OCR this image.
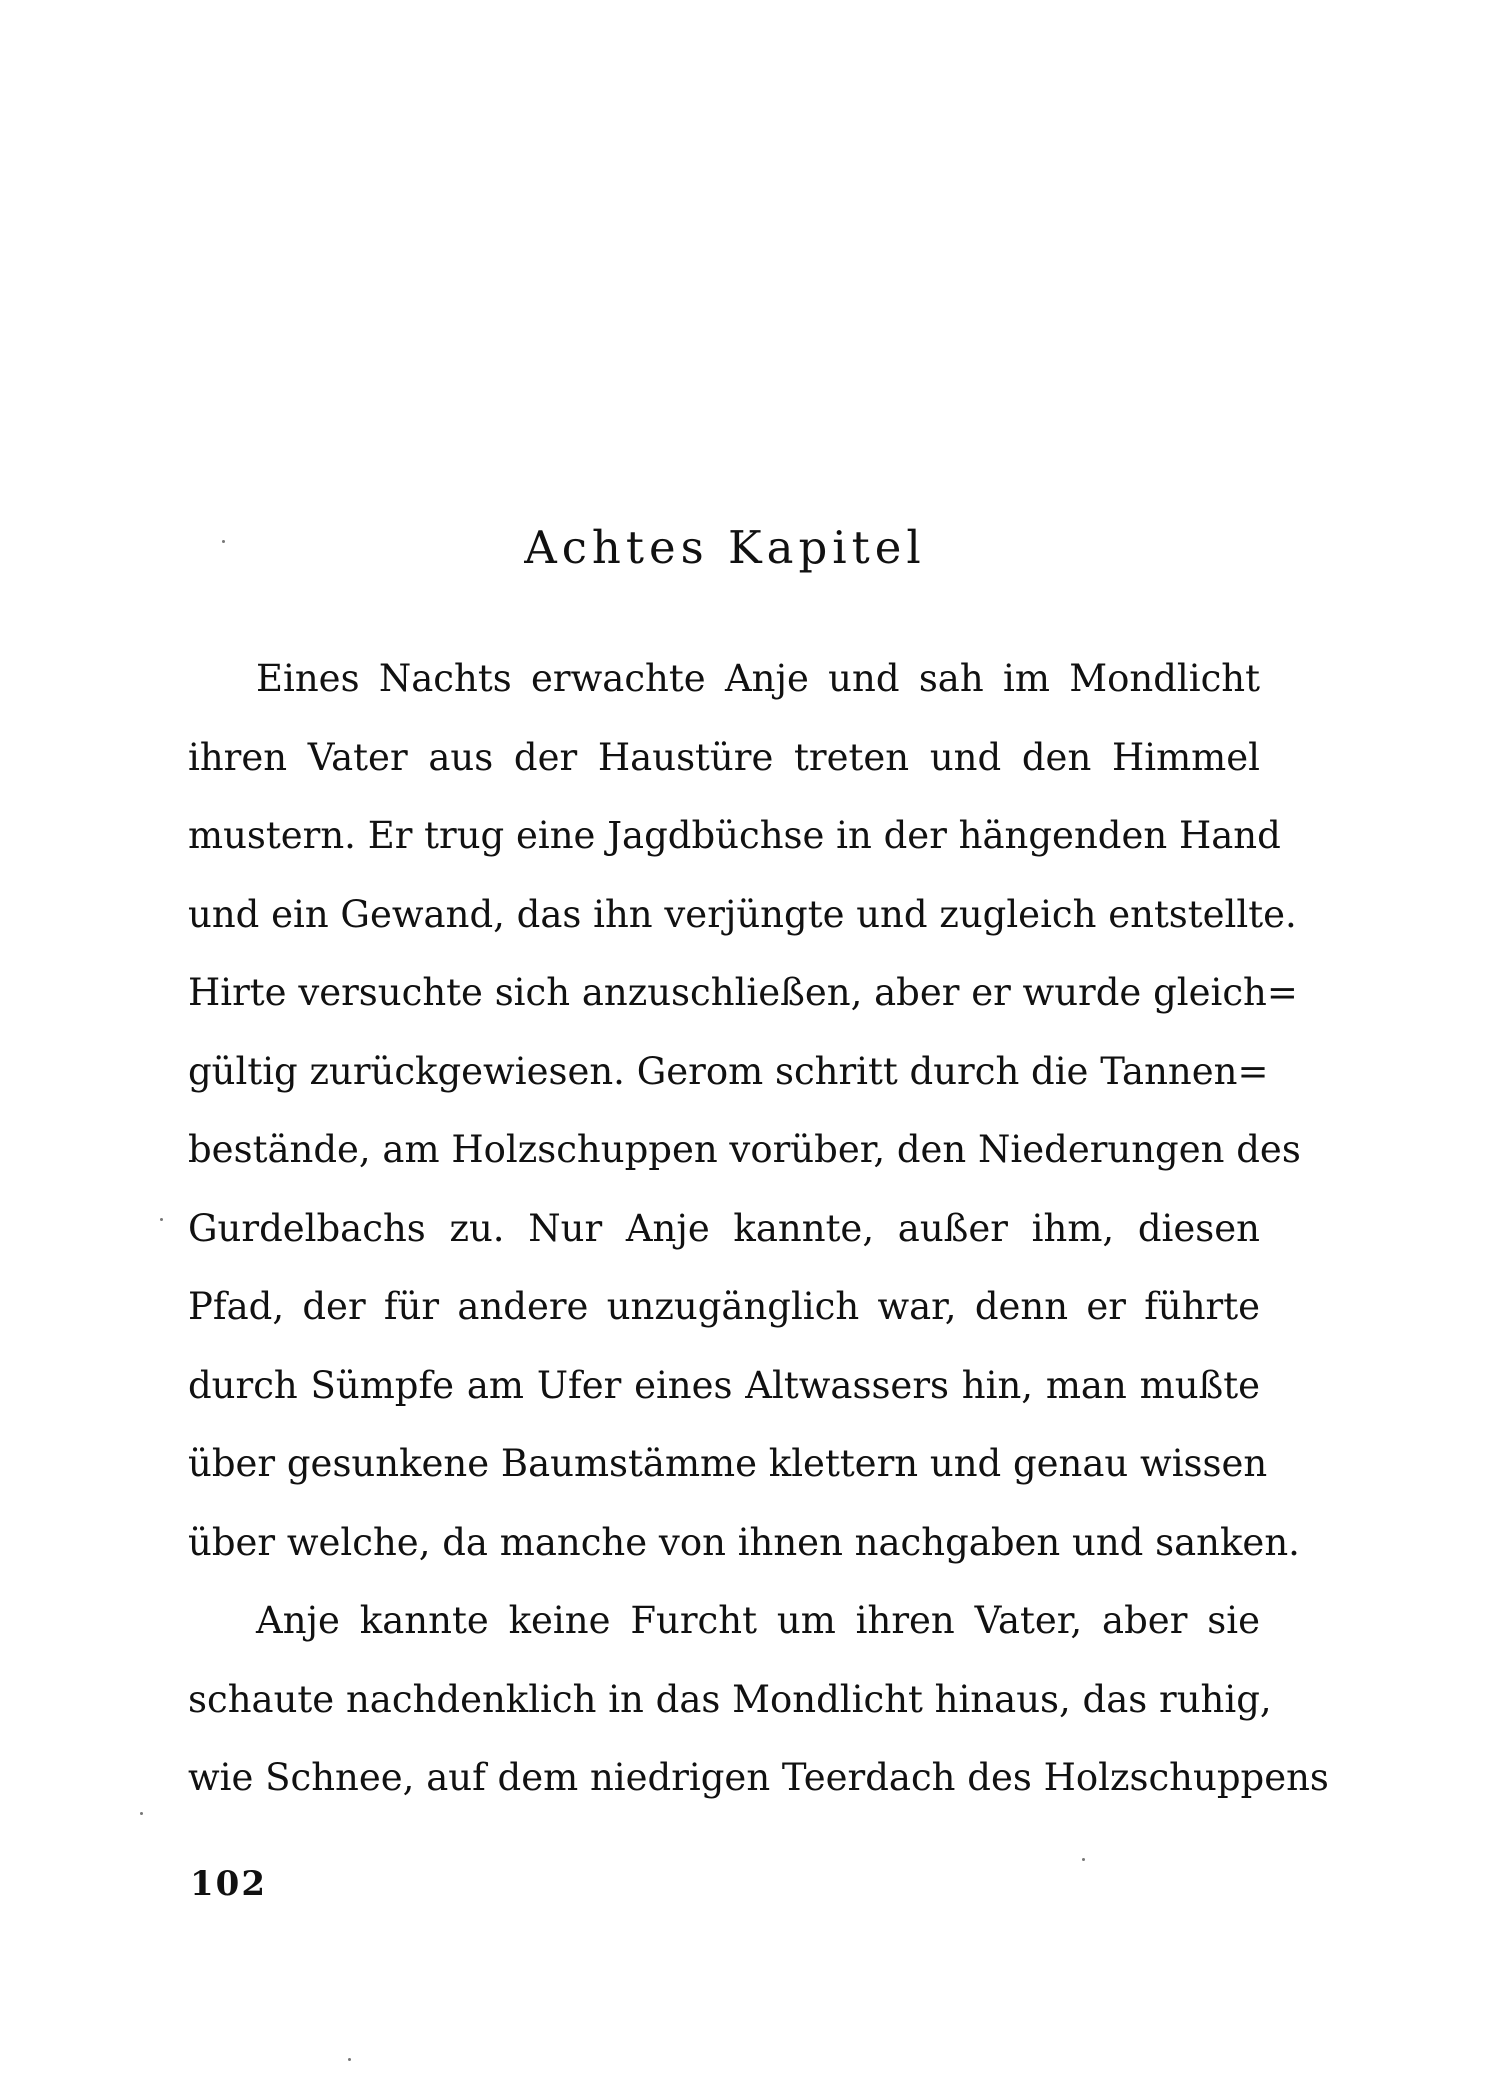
Achtes Kapitel
Eines Nachts erwachte Anje und sah im Mondlicht
ihren Vater aus der Haustüre treten und den Himmel
mustern. Er trug eine Jagdbüchse in der hängenden Hand
und ein Gewand, das ihn verjüngte und zugleich entstellte.
Hirte versuchte sich anzuschließen, aber er wurde gleich=
gültig zurückgewiesen. Gerom schritt durch die Tannen=
bestände, am Holzschuppen vorüber, den Niederungen des
Gurdelbachs zu. Nur Anje kannte, außer ihm, diesen
Pfad, der für andere unzugänglich war, denn er führte
durch Sümpfe am Ufer eines Altwassers hin, man mußte
über gesunkene Baumstämme klettern und genau wissen
über welche, da manche von ihnen nachgaben und sanken.
Anje kannte keine Furcht um ihren Vater, aber sie
schaute nachdenklich in das Mondlicht hinaus, das ruhig,
wie Schnee, auf dem niedrigen Teerdach des Holzschuppens
102
